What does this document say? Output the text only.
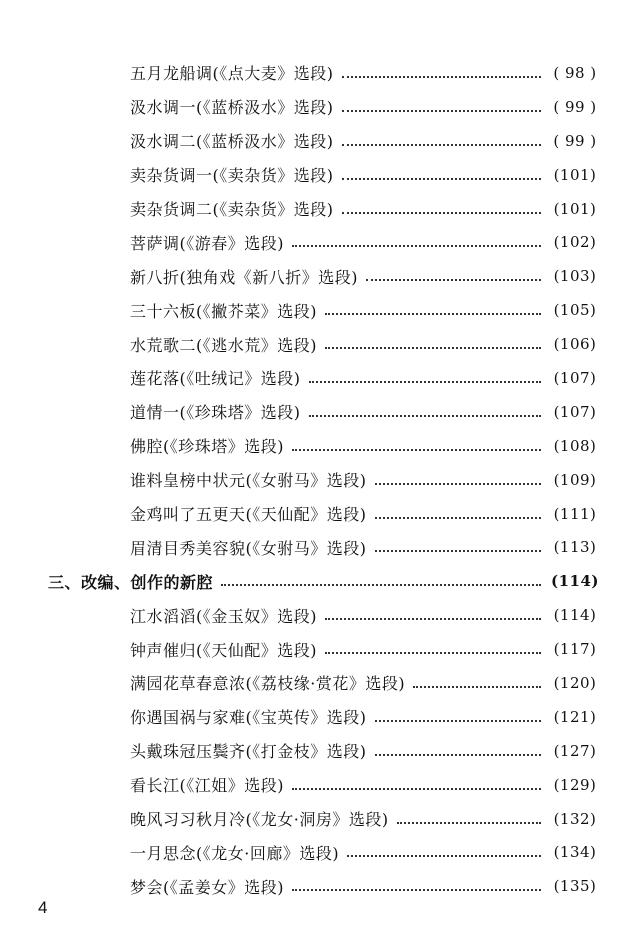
五月龙船调(《点大麦》选段)	( 98 )
汲水调一(《蓝桥汲水》选段)	( 99 )
汲水调二(《蓝桥汲水》选段)	( 99 )
卖杂货调一(《卖杂货》选段)	(101)
卖杂货调二(《卖杂货》选段)	(101)
菩萨调(《游春》选段)	(102)
新八折(独角戏《新八折》选段)	(103)
三十六板(《撇芥菜》选段)	(105)
水荒歌二(《逃水荒》选段)	(106)
莲花落(《吐绒记》选段)	(107)
道情一(《珍珠塔》选段)	(107)
佛腔(《珍珠塔》选段)	(108)
谁料皇榜中状元(《女驸马》选段)	(109)
金鸡叫了五更天(《天仙配》选段)	(111)
眉清目秀美容貌(《女驸马》选段)	(113)
三、改编、创作的新腔	(114)
江水滔滔(《金玉奴》选段)	(114)
钟声催归(《天仙配》选段)	(117)
满园花草春意浓(《荔枝缘·赏花》选段)	(120)
你遇国祸与家难(《宝英传》选段)	(121)
头戴珠冠压鬓齐(《打金枝》选段)	(127)
看长江(《江姐》选段)	(129)
晚风习习秋月冷(《龙女·洞房》选段)	(132)
一月思念(《龙女·回廊》选段)	(134)
梦会(《孟姜女》选段)	(135)
4
